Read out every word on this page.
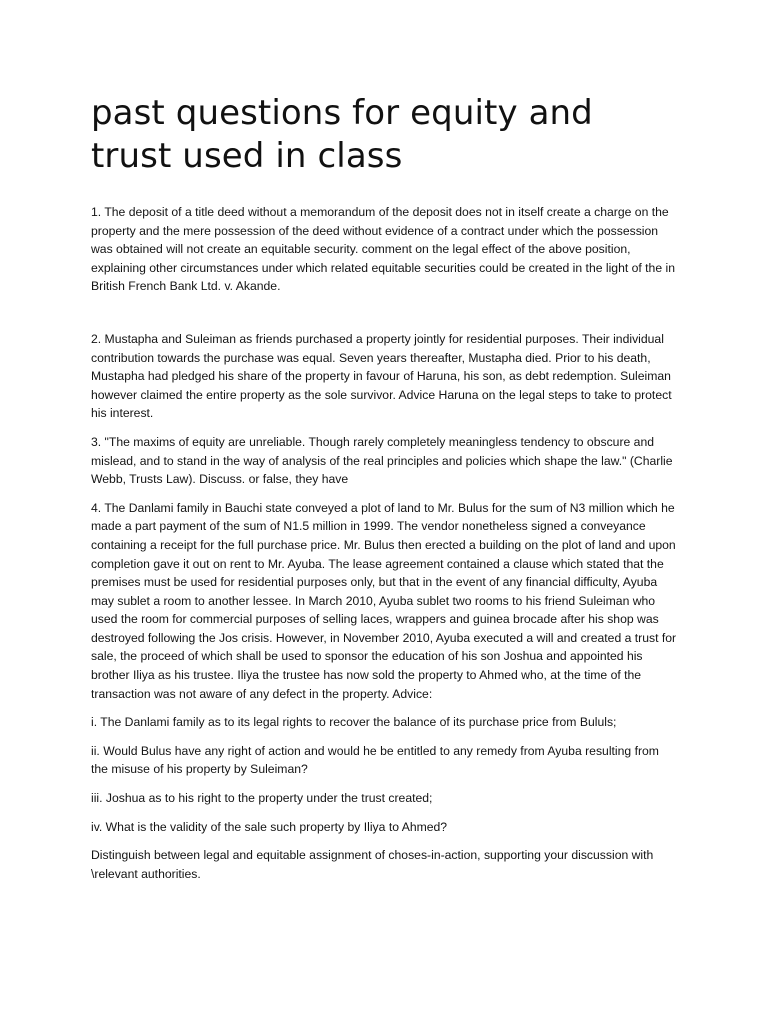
past questions for equity and trust used in class

1. The deposit of a title deed without a memorandum of the deposit does not in itself create a charge on the property and the mere possession of the deed without evidence of a contract under which the possession was obtained will not create an equitable security. comment on the legal effect of the above position, explaining other circumstances under which related equitable securities could be created in the light of the in British French Bank Ltd. v. Akande.

2. Mustapha and Suleiman as friends purchased a property jointly for residential purposes. Their individual contribution towards the purchase was equal. Seven years thereafter, Mustapha died. Prior to his death, Mustapha had pledged his share of the property in favour of Haruna, his son, as debt redemption. Suleiman however claimed the entire property as the sole survivor. Advice Haruna on the legal steps to take to protect his interest.

3. "The maxims of equity are unreliable. Though rarely completely meaningless tendency to obscure and mislead, and to stand in the way of analysis of the real principles and policies which shape the law." (Charlie Webb, Trusts Law). Discuss. or false, they have

4. The Danlami family in Bauchi state conveyed a plot of land to Mr. Bulus for the sum of N3 million which he made a part payment of the sum of N1.5 million in 1999. The vendor nonetheless signed a conveyance containing a receipt for the full purchase price. Mr. Bulus then erected a building on the plot of land and upon completion gave it out on rent to Mr. Ayuba. The lease agreement contained a clause which stated that the premises must be used for residential purposes only, but that in the event of any financial difficulty, Ayuba may sublet a room to another lessee. In March 2010, Ayuba sublet two rooms to his friend Suleiman who used the room for commercial purposes of selling laces, wrappers and guinea brocade after his shop was destroyed following the Jos crisis. However, in November 2010, Ayuba executed a will and created a trust for sale, the proceed of which shall be used to sponsor the education of his son Joshua and appointed his brother Iliya as his trustee. Iliya the trustee has now sold the property to Ahmed who, at the time of the transaction was not aware of any defect in the property. Advice:

i. The Danlami family as to its legal rights to recover the balance of its purchase price from Bululs;

ii. Would Bulus have any right of action and would he be entitled to any remedy from Ayuba resulting from the misuse of his property by Suleiman?

iii. Joshua as to his right to the property under the trust created;

iv. What is the validity of the sale such property by Iliya to Ahmed?

Distinguish between legal and equitable assignment of choses-in-action, supporting your discussion with \relevant authorities.
